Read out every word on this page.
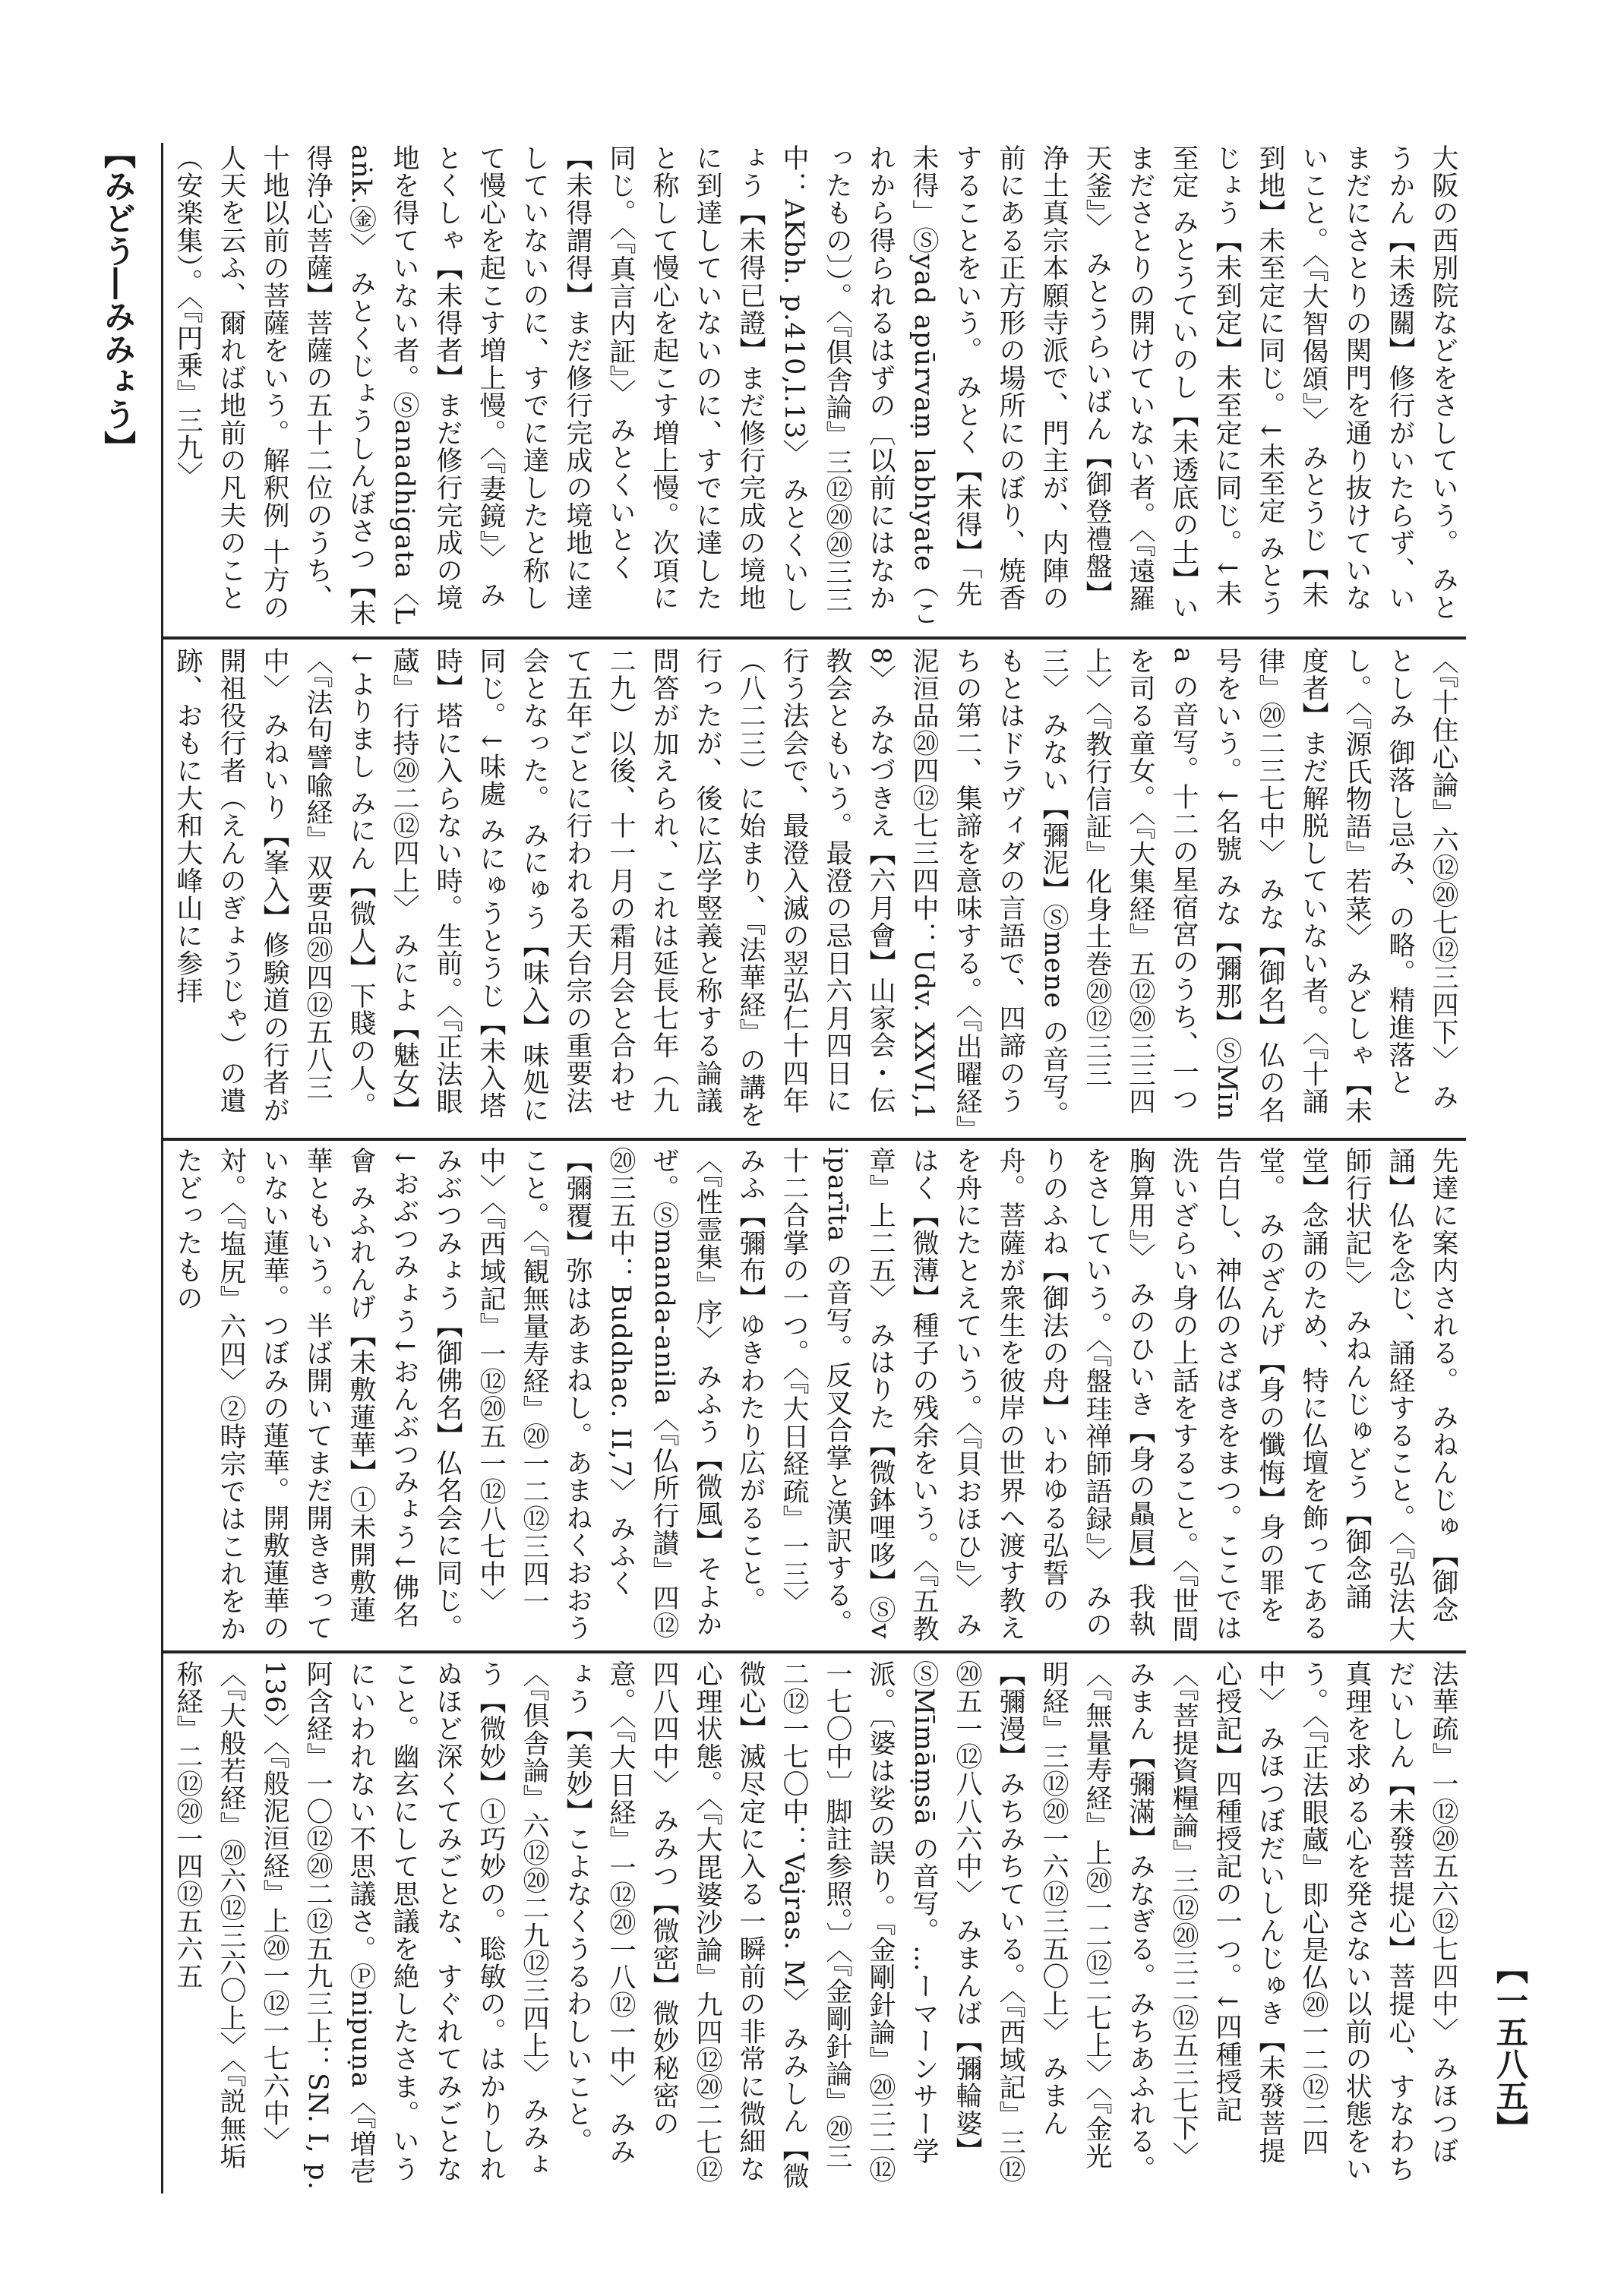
【みどう―みみょう】
【一五八五】
大阪の西別院などをさしていう。 みとうかん【未透關】修行がいたらず、いまだにさとりの関門を通り抜けていないこと。〈『大智偈頌』〉 みとうじ【未到地】未至定に同じ。↓未至定 みとうじょう【未到定】未至定に同じ。↓未至定 みとうていのし【未透底の士】いまださとりの開けていない者。〈『遠羅天釜』〉 みとうらいばん【御登禮盤】浄土真宗本願寺派で、門主が、内陣の前にある正方形の場所にのぼり、焼香することをいう。 みとく【未得】「先未得」Ⓢyad apūrvaṃ labhyate（これから得られるはずの〔以前にはなかったもの〕）。〈『倶舎論』三⑫⑳⑳三三中：AKbh. p.410,l.13〉 みとくいしょう【未得已證】まだ修行完成の境地に到達していないのに、すでに達したと称して慢心を起こす増上慢。次項に同じ。〈『真言内証』〉 みとくいとく【未得謂得】まだ修行完成の境地に達していないのに、すでに達したと称して慢心を起こす増上慢。〈『妻鏡』〉 みとくしゃ【未得者】まだ修行完成の境地を得ていない者。Ⓢanadhigata〈Laṅk.㊎〉 みとくじょうしんぼさつ【未得浄心菩薩】菩薩の五十二位のうち、十地以前の菩薩をいう。解釈例 十方の人天を云ふ、爾れば地前の凡夫のこと（安楽集）。〈『円乗』三九〉
〈『十住心論』六⑫⑳七⑫三四下〉 みとしみ 御落し忌み、の略。精進落とし。〈『源氏物語』若菜〉 みどしゃ【未度者】まだ解脱していない者。〈『十誦律』⑳二三七中〉 みな【御名】仏の名号をいう。↓名號 みな【彌那】ⓈMīna の音写。十二の星宿宮のうち、一つを司る童女。〈『大集経』五⑫⑳三三四上〉〈『教行信証』化身土巻⑳⑫三三三〉 みない【彌泥】Ⓢmene の音写。もとはドラヴィダの言語で、四諦のうちの第二、集諦を意味する。〈『出曜経』泥洹品⑳四⑫七三四中：Udv. XXVI,18〉 みなづきえ【六月會】山家会・伝教会ともいう。最澄の忌日六月四日に行う法会で、最澄入滅の翌弘仁十四年（八二三）に始まり、『法華経』の講を行ったが、後に広学竪義と称する論議問答が加えられ、これは延長七年（九二九）以後、十一月の霜月会と合わせて五年ごとに行われる天台宗の重要法会となった。 みにゅう【味入】味処に同じ。↓味處 みにゅうとうじ【未入塔時】塔に入らない時。生前。〈『正法眼蔵』行持⑳二⑫四上〉 みによ【魅女】↓よりまし みにん【微人】下賤の人。〈『法句譬喩経』双要品⑳四⑫五八三中〉 みねいり【峯入】修験道の行者が開祖役行者（えんのぎょうじゃ）の遺跡、おもに大和大峰山に参拝
先達に案内される。 みねんじゅ【御念誦】仏を念じ、誦経すること。〈『弘法大師行状記』〉 みねんじゅどう【御念誦堂】念誦のため、特に仏壇を飾ってある堂。 みのざんげ【身の懺悔】身の罪を告白し、神仏のさばきをまつ。ここでは洗いざらい身の上話をすること。〈『世間胸算用』〉 みのひいき【身の贔屓】我執をさしていう。〈『盤珪禅師語録』〉 みのりのふね【御法の舟】いわゆる弘誓の舟。菩薩が衆生を彼岸の世界へ渡す教えを舟にたとえていう。〈『貝おほひ』〉 みはく【微薄】種子の残余をいう。〈『五教章』上二五〉 みはりた【微鉢哩哆】Ⓢviparīta の音写。反叉合掌と漢訳する。十二合掌の一つ。〈『大日経疏』一三〉 みふ【彌布】ゆきわたり広がること。〈『性霊集』序〉 みふう【微風】そよかぜ。Ⓢmanda-anila〈『仏所行讃』四⑫⑳三五中：Buddhac. II,7〉 みふく【彌覆】弥はあまねし。あまねくおおうこと。〈『観無量寿経』⑳一二⑫三四一中〉〈『西域記』一⑫⑳五一⑫八七中〉 みぶつみょう【御佛名】仏名会に同じ。↓おぶつみょう↓おんぶつみょう↓佛名會 みふれんげ【未敷蓮華】①未開敷蓮華ともいう。半ば開いてまだ開ききっていない蓮華。つぼみの蓮華。開敷蓮華の対。〈『塩尻』六四〉②時宗ではこれをかたどったもの
法華疏』一⑫⑳五六⑫七四中〉 みほつぼだいしん【未發菩提心】菩提心、すなわち真理を求める心を発さない以前の状態をいう。〈『正法眼蔵』即心是仏⑳一二⑫二四中〉 みほつぼだいしんじゅき【未發菩提心授記】四種授記の一つ。↓四種授記〈『菩提資糧論』三⑫⑳三二⑫五三七下〉 みまん【彌滿】みなぎる。みちあふれる。〈『無量寿経』上⑳一二⑫二七上〉〈『金光明経』三⑫⑳一六⑫三五〇上〉 みまん【彌漫】みちみちている。〈『西域記』三⑫⑳五一⑫八八六中〉 みまんば【彌輪婆】ⓈMīmāṃsā の音写。…ーマーンサー学派。〔婆は娑の誤り。『金剛針論』⑳三二⑫一七〇中〕脚註参照。〕〈『金剛針論』⑳三二⑫一七〇中：Vajras. M〉 みみしん【微微心】滅尽定に入る一瞬前の非常に微細な心理状態。〈『大毘婆沙論』九四⑫⑳二七⑫四八四中〉 みみつ【微密】微妙秘密の意。〈『大日経』一⑫⑳一八⑫一中〉 みみょう【美妙】こよなくうるわしいこと。〈『倶舎論』六⑫⑳二九⑫三四上〉 みみょう【微妙】①巧妙の。聡敏の。はかりしれぬほど深くてみごとな、すぐれてみごとなこと。幽玄にして思議を絶したさま。いうにいわれない不思議さ。Ⓟnipuṇa〈『増壱阿含経』一〇⑫⑳二⑫五九三上：SN. I, p.136〉〈『般泥洹経』上⑳一⑫一七六中〉〈『大般若経』⑳六⑫三六〇上〉〈『説無垢称経』二⑫⑳一四⑫五六五
